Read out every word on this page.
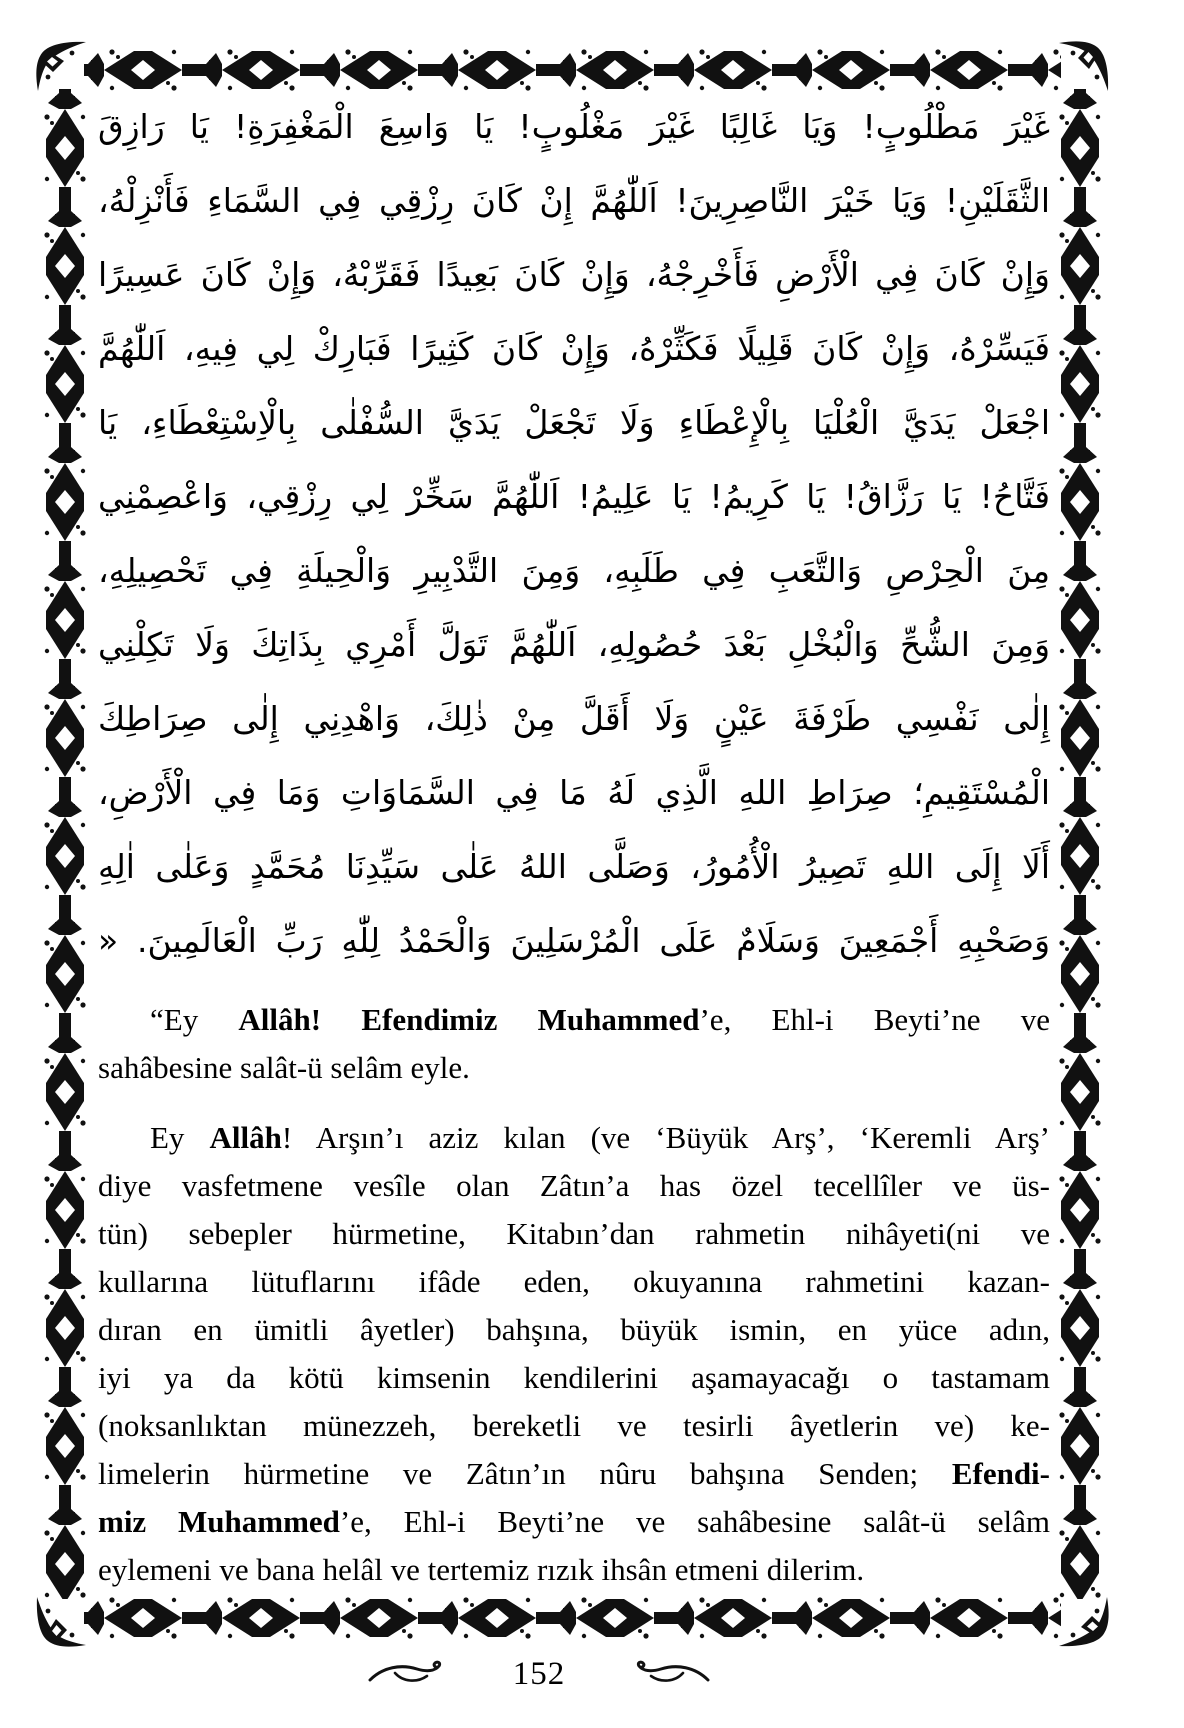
غَيْرَ مَطْلُوبٍ! وَيَا غَالِبًا غَيْرَ مَغْلُوبٍ! يَا وَاسِعَ الْمَغْفِرَةِ! يَا رَازِقَ
الثَّقَلَيْنِ! وَيَا خَيْرَ النَّاصِرِينَ! اَللّٰهُمَّ إِنْ كَانَ رِزْقِي فِي السَّمَاءِ فَأَنْزِلْهُ،
وَإِنْ كَانَ فِي الْأَرْضِ فَأَخْرِجْهُ، وَإِنْ كَانَ بَعِيدًا فَقَرِّبْهُ، وَإِنْ كَانَ عَسِيرًا
فَيَسِّرْهُ، وَإِنْ كَانَ قَلِيلًا فَكَثِّرْهُ، وَإِنْ كَانَ كَثِيرًا فَبَارِكْ لِي فِيهِ، اَللّٰهُمَّ
اجْعَلْ يَدَيَّ الْعُلْيَا بِالْإِعْطَاءِ وَلَا تَجْعَلْ يَدَيَّ السُّفْلٰى بِالْاِسْتِعْطَاءِ، يَا
فَتَّاحُ! يَا رَزَّاقُ! يَا كَرِيمُ! يَا عَلِيمُ! اَللّٰهُمَّ سَخِّرْ لِي رِزْقِي، وَاعْصِمْنِي
مِنَ الْحِرْصِ وَالتَّعَبِ فِي طَلَبِهِ، وَمِنَ التَّدْبِيرِ وَالْحِيلَةِ فِي تَحْصِيلِهِ،
وَمِنَ الشُّحِّ وَالْبُخْلِ بَعْدَ حُصُولِهِ، اَللّٰهُمَّ تَوَلَّ أَمْرِي بِذَاتِكَ وَلَا تَكِلْنِي
إِلٰى نَفْسِي طَرْفَةَ عَيْنٍ وَلَا أَقَلَّ مِنْ ذٰلِكَ، وَاهْدِنِي إِلٰى صِرَاطِكَ
الْمُسْتَقِيمِ؛ صِرَاطِ اللهِ الَّذِي لَهُ مَا فِي السَّمَاوَاتِ وَمَا فِي الْأَرْضِ،
أَلَا إِلَى اللهِ تَصِيرُ الْأُمُورُ، وَصَلَّى اللهُ عَلٰى سَيِّدِنَا مُحَمَّدٍ وَعَلٰى اٰلِهِ
وَصَحْبِهِ أَجْمَعِينَ وَسَلَامٌ عَلَى الْمُرْسَلِينَ وَالْحَمْدُ لِلّٰهِ رَبِّ الْعَالَمِينَ. «
“Ey Allâh! Efendimiz Muhammed’e, Ehl-i Beyti’ne ve
sahâbesine salât-ü selâm eyle.
Ey Allâh! Arşın’ı aziz kılan (ve ‘Büyük Arş’, ‘Keremli Arş’
diye vasfetmene vesîle olan Zâtın’a has özel tecellîler ve üs-
tün) sebepler hürmetine, Kitabın’dan rahmetin nihâyeti(ni ve
kullarına lütuflarını ifâde eden, okuyanına rahmetini kazan-
dıran en ümitli âyetler) bahşına, büyük ismin, en yüce adın,
iyi ya da kötü kimsenin kendilerini aşamayacağı o tastamam
(noksanlıktan münezzeh, bereketli ve tesirli âyetlerin ve) ke-
limelerin hürmetine ve Zâtın’ın nûru bahşına Senden; Efendi-
miz Muhammed’e, Ehl-i Beyti’ne ve sahâbesine salât-ü selâm
eylemeni ve bana helâl ve tertemiz rızık ihsân etmeni dilerim.
152
